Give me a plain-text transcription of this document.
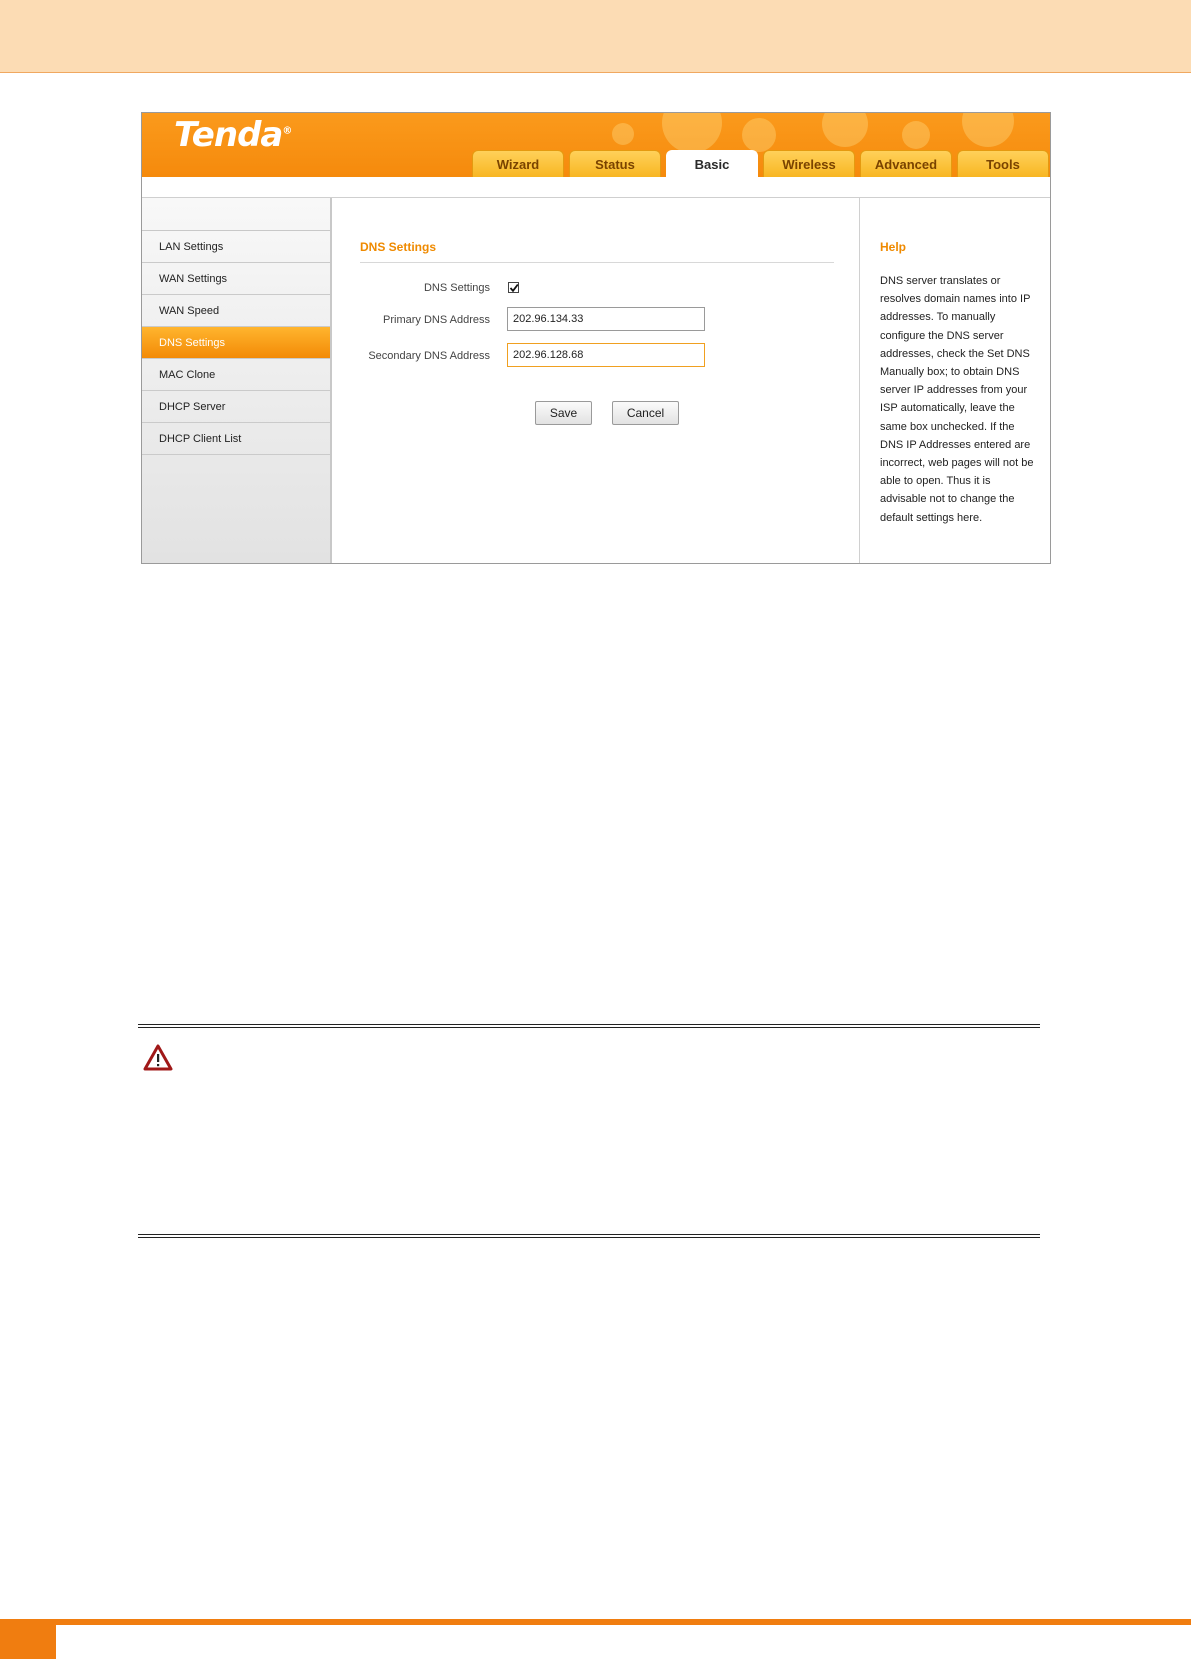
Tenda®
Wizard	Status	Basic	Wireless	Advanced	Tools
LAN Settings
WAN Settings
WAN Speed
DNS Settings
MAC Clone
DHCP Server
DHCP Client List
DNS Settings
DNS Settings
Primary DNS Address
202.96.134.33
Secondary DNS Address
202.96.128.68
Save	Cancel
Help
DNS server translates or resolves domain names into IP addresses. To manually configure the DNS server addresses, check the Set DNS Manually box; to obtain DNS server IP addresses from your ISP automatically, leave the same box unchecked. If the DNS IP Addresses entered are incorrect, web pages will not be able to open. Thus it is advisable not to change the default settings here.
